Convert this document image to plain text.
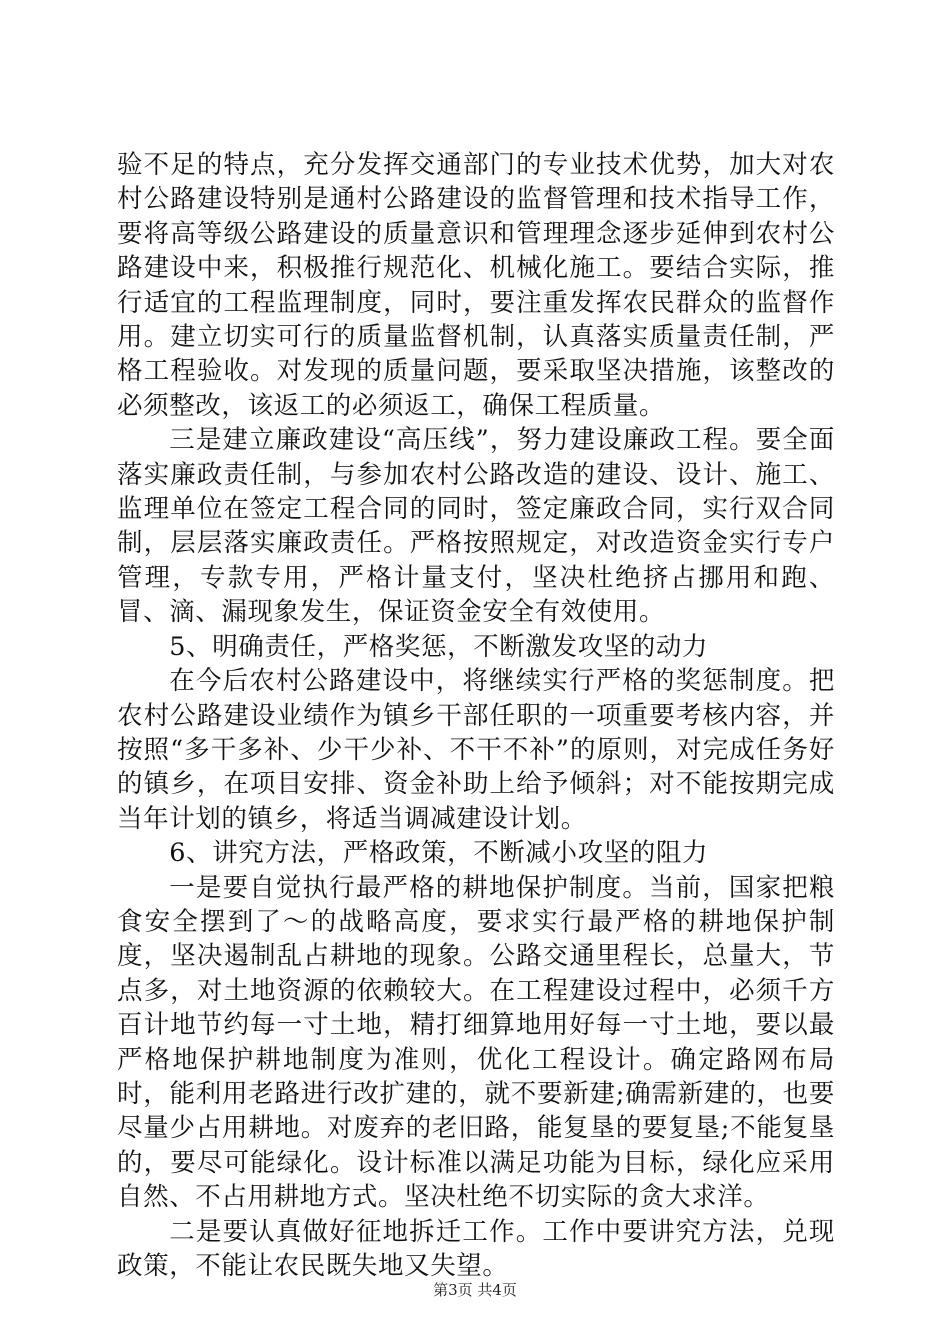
验不足的特点，充分发挥交通部门的专业技术优势，加大对农村公路建设特别是通村公路建设的监督管理和技术指导工作，要将高等级公路建设的质量意识和管理理念逐步延伸到农村公路建设中来，积极推行规范化、机械化施工。要结合实际，推行适宜的工程监理制度，同时，要注重发挥农民群众的监督作用。建立切实可行的质量监督机制，认真落实质量责任制，严格工程验收。对发现的质量问题，要采取坚决措施，该整改的必须整改，该返工的必须返工，确保工程质量。

三是建立廉政建设“高压线”，努力建设廉政工程。要全面落实廉政责任制，与参加农村公路改造的建设、设计、施工、监理单位在签定工程合同的同时，签定廉政合同，实行双合同制，层层落实廉政责任。严格按照规定，对改造资金实行专户管理，专款专用，严格计量支付，坚决杜绝挤占挪用和跑、冒、滴、漏现象发生，保证资金安全有效使用。

5、明确责任，严格奖惩，不断激发攻坚的动力

在今后农村公路建设中，将继续实行严格的奖惩制度。把农村公路建设业绩作为镇乡干部任职的一项重要考核内容，并按照“多干多补、少干少补、不干不补”的原则，对完成任务好的镇乡，在项目安排、资金补助上给予倾斜；对不能按期完成当年计划的镇乡，将适当调减建设计划。

6、讲究方法，严格政策，不断减小攻坚的阻力

一是要自觉执行最严格的耕地保护制度。当前，国家把粮食安全摆到了～的战略高度，要求实行最严格的耕地保护制度，坚决遏制乱占耕地的现象。公路交通里程长，总量大，节点多，对土地资源的依赖较大。在工程建设过程中，必须千方百计地节约每一寸土地，精打细算地用好每一寸土地，要以最严格地保护耕地制度为准则，优化工程设计。确定路网布局时，能利用老路进行改扩建的，就不要新建;确需新建的，也要尽量少占用耕地。对废弃的老旧路，能复垦的要复垦;不能复垦的，要尽可能绿化。设计标准以满足功能为目标，绿化应采用自然、不占用耕地方式。坚决杜绝不切实际的贪大求洋。

二是要认真做好征地拆迁工作。工作中要讲究方法，兑现政策，不能让农民既失地又失望。

第3页 共4页
